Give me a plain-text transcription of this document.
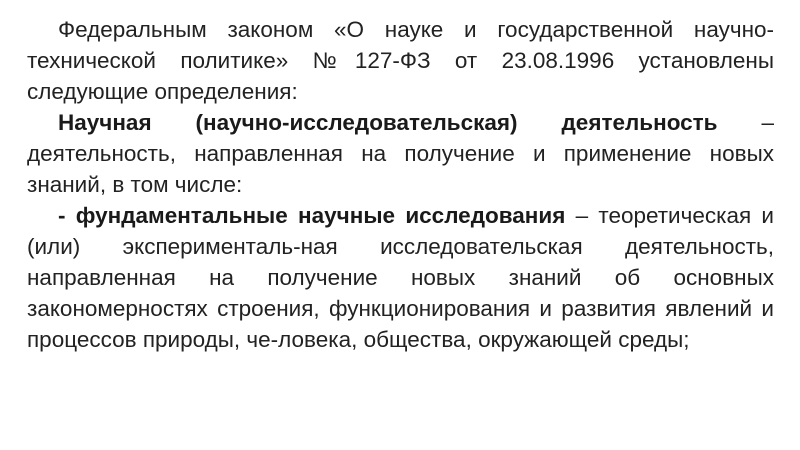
Федеральным законом «О науке и государственной научно-технической политике» №127-ФЗ от 23.08.1996 установлены следующие определения:

Научная (научно-исследовательская) деятельность – деятельность, направленная на получение и применение новых знаний, в том числе:

- фундаментальные научные исследования – теоретическая и (или) эксперименталь-ная исследовательская деятельность, направленная на получение новых знаний об основных закономерностях строения, функционирования и развития явлений и процессов природы, че-ловека, общества, окружающей среды;
